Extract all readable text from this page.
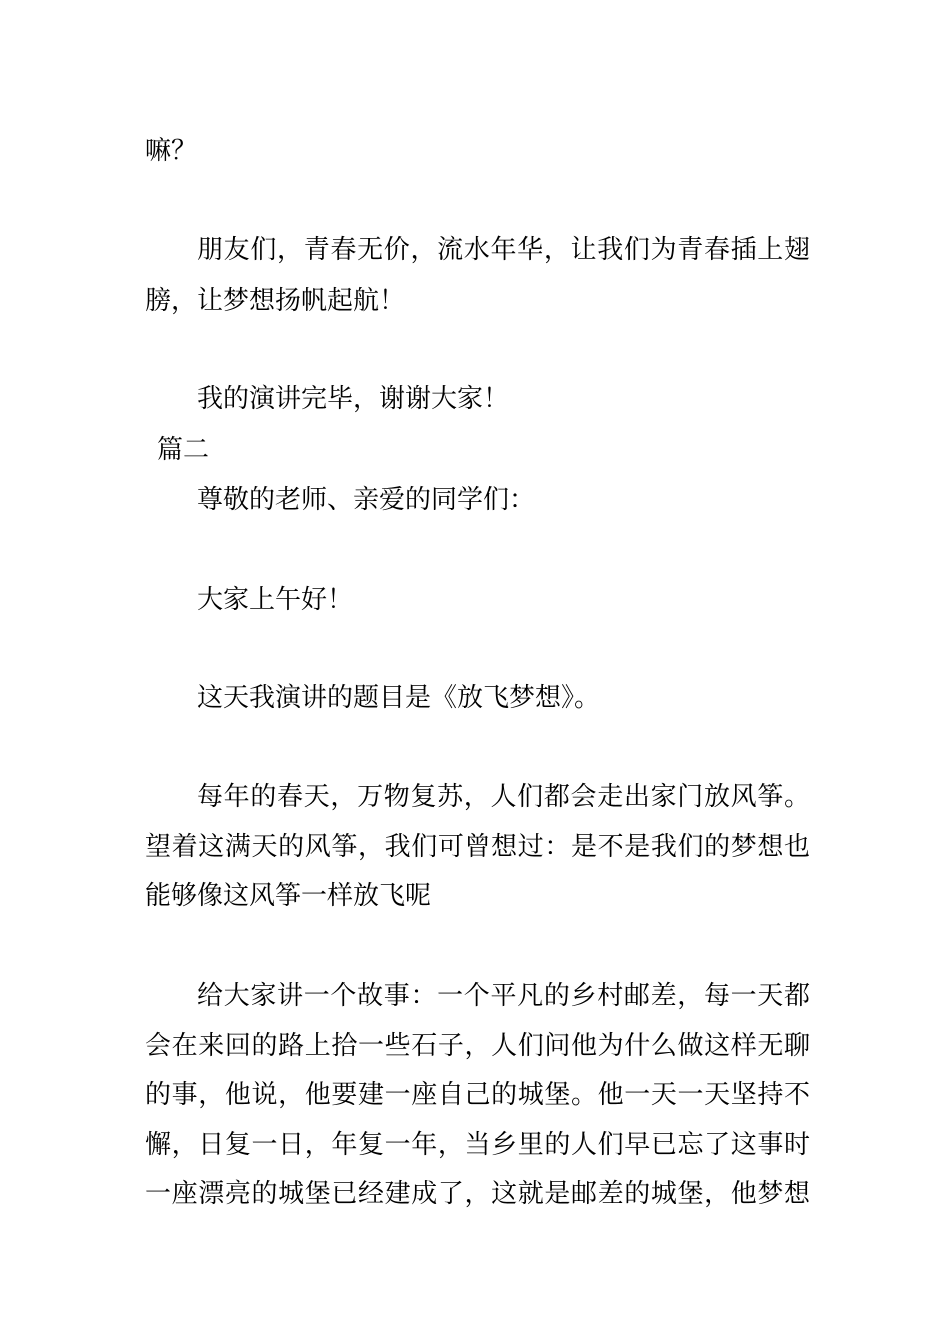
嘛？
朋友们，青春无价，流水年华，让我们为青春插上翅
膀，让梦想扬帆起航！
我的演讲完毕，谢谢大家！
篇二
尊敬的老师、亲爱的同学们：
大家上午好！
这天我演讲的题目是《放飞梦想》。
每年的春天，万物复苏，人们都会走出家门放风筝。
望着这满天的风筝，我们可曾想过：是不是我们的梦想也
能够像这风筝一样放飞呢
给大家讲一个故事：一个平凡的乡村邮差，每一天都
会在来回的路上拾一些石子，人们问他为什么做这样无聊
的事，他说，他要建一座自己的城堡。他一天一天坚持不
懈，日复一日，年复一年，当乡里的人们早已忘了这事时
一座漂亮的城堡已经建成了，这就是邮差的城堡，他梦想
